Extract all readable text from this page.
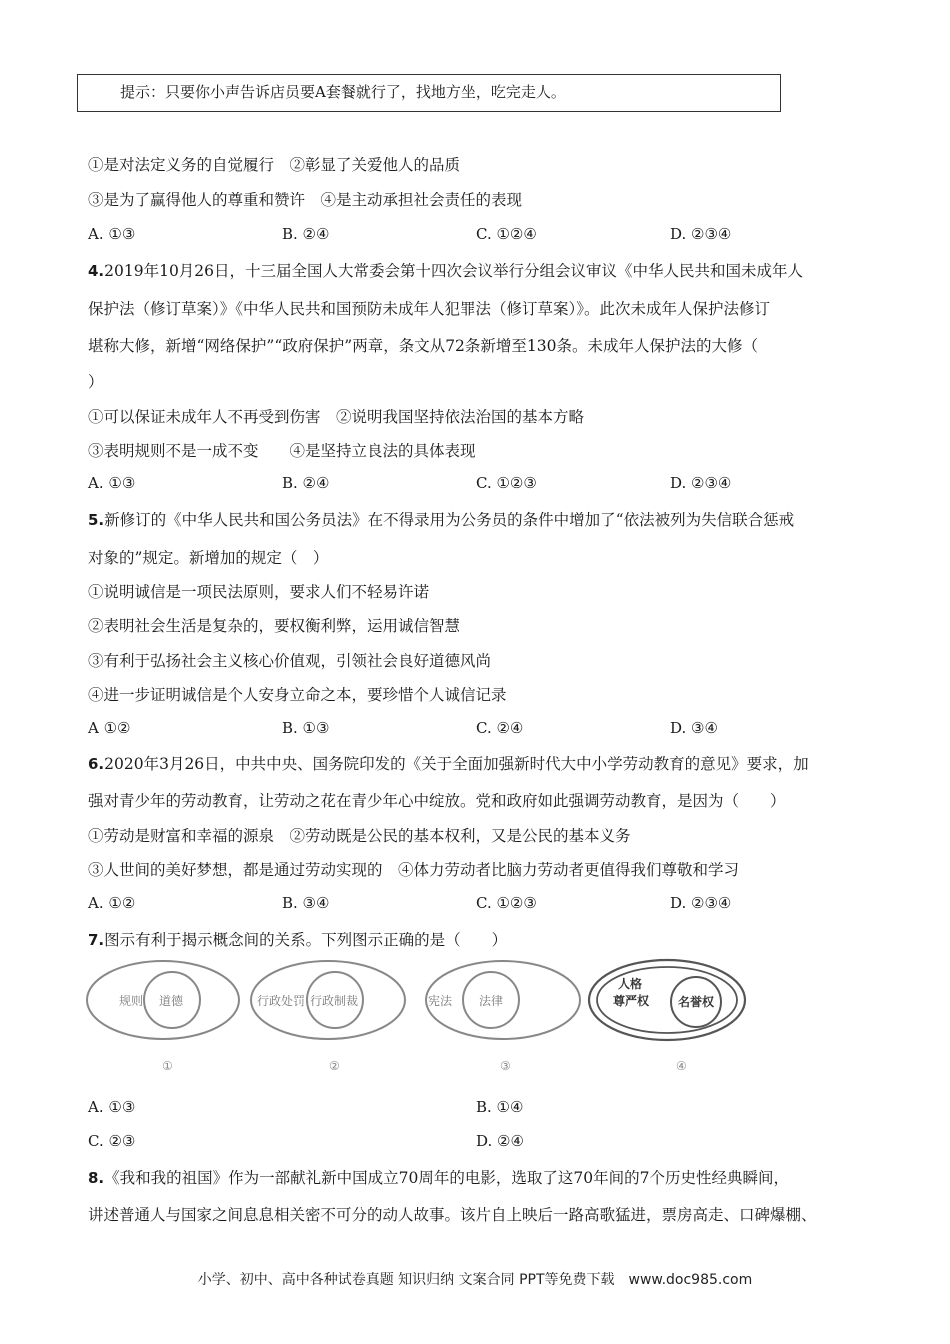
提示：只要你小声告诉店员要A套餐就行了，找地方坐，吃完走人。
①是对法定义务的自觉履行　②彰显了关爱他人的品质
③是为了赢得他人的尊重和赞许　④是主动承担社会责任的表现
A. ①③	B. ②④	C. ①②④	D. ②③④
4.2019年10月26日，十三届全国人大常委会第十四次会议举行分组会议审议《中华人民共和国未成年人
保护法（修订草案）》《中华人民共和国预防未成年人犯罪法（修订草案）》。此次未成年人保护法修订
堪称大修，新增“网络保护”“政府保护”两章，条文从72条新增至130条。未成年人保护法的大修（
）
①可以保证未成年人不再受到伤害　②说明我国坚持依法治国的基本方略
③表明规则不是一成不变　　④是坚持立良法的具体表现
A. ①③	B. ②④	C. ①②③	D. ②③④
5.新修订的《中华人民共和国公务员法》在不得录用为公务员的条件中增加了“依法被列为失信联合惩戒
对象的”规定。新增加的规定（　）
①说明诚信是一项民法原则，要求人们不轻易许诺
②表明社会生活是复杂的，要权衡利弊，运用诚信智慧
③有利于弘扬社会主义核心价值观，引领社会良好道德风尚
④进一步证明诚信是个人安身立命之本，要珍惜个人诚信记录
A ①②	B. ①③	C. ②④	D. ③④
6.2020年3月26日，中共中央、国务院印发的《关于全面加强新时代大中小学劳动教育的意见》要求，加
强对青少年的劳动教育，让劳动之花在青少年心中绽放。党和政府如此强调劳动教育，是因为（　　）
①劳动是财富和幸福的源泉　②劳动既是公民的基本权利，又是公民的基本义务
③人世间的美好梦想，都是通过劳动实现的　④体力劳动者比脑力劳动者更值得我们尊敬和学习
A. ①②	B. ③④	C. ①②③	D. ②③④
7.图示有利于揭示概念间的关系。下列图示正确的是（　　）
规则 道德
①
行政处罚 行政制裁
②
宪法 法律
③
人格
尊严权 名誉权
④
A. ①③	B. ①④
C. ②③	D. ②④
8.《我和我的祖国》作为一部献礼新中国成立70周年的电影，选取了这70年间的7个历史性经典瞬间，
讲述普通人与国家之间息息相关密不可分的动人故事。该片自上映后一路高歌猛进，票房高走、口碑爆棚、
小学、初中、高中各种试卷真题 知识归纳 文案合同 PPT等免费下载　www.doc985.com
